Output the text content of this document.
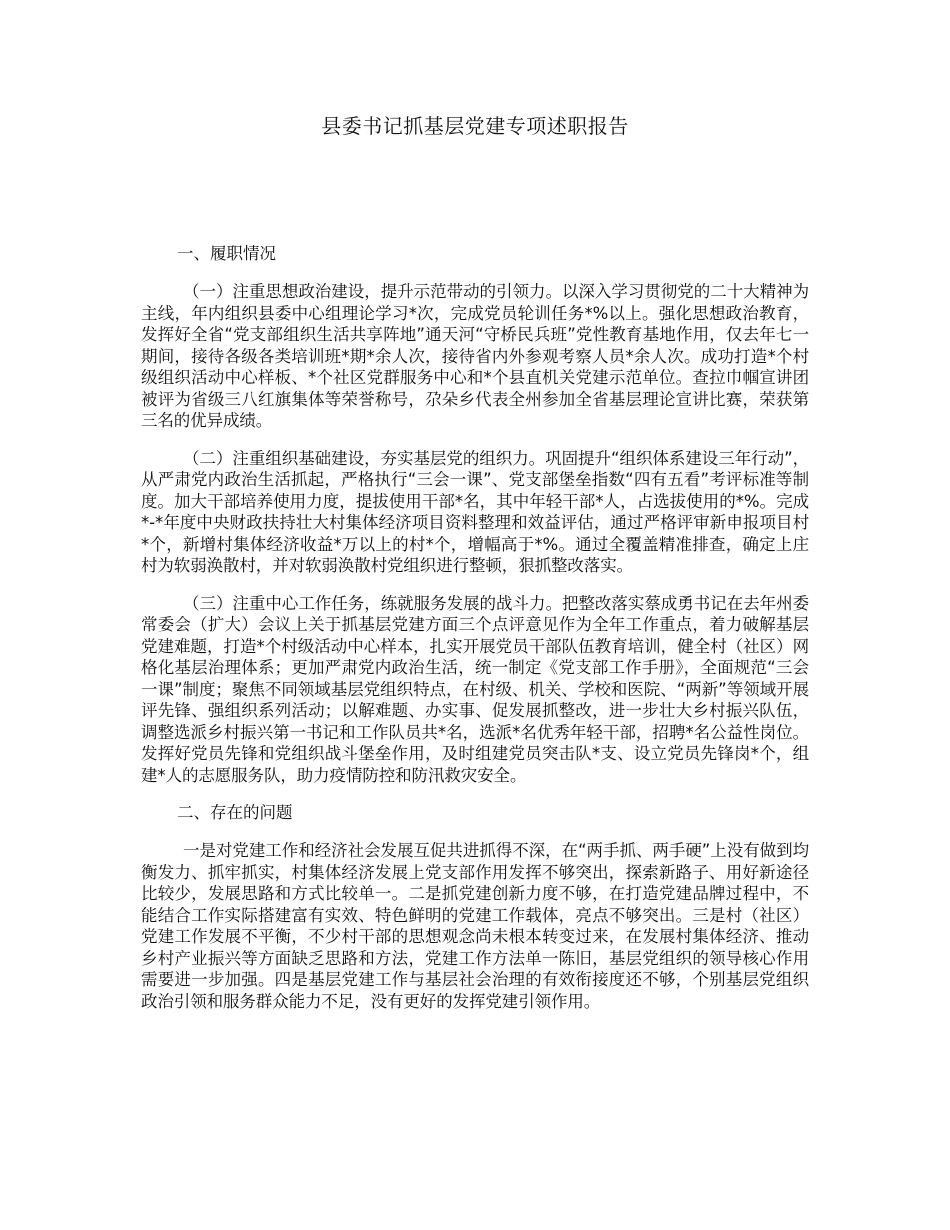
县委书记抓基层党建专项述职报告
一、履职情况

（一）注重思想政治建设，提升示范带动的引领力。以深入学习贯彻党的二十大精神为主线，年内组织县委中心组理论学习*次，完成党员轮训任务*%以上。强化思想政治教育，发挥好全省“党支部组织生活共享阵地”通天河“守桥民兵班”党性教育基地作用，仅去年七一期间，接待各级各类培训班*期*余人次，接待省内外参观考察人员*余人次。成功打造*个村级组织活动中心样板、*个社区党群服务中心和*个县直机关党建示范单位。查拉巾帼宣讲团被评为省级三八红旗集体等荣誉称号，尕朵乡代表全州参加全省基层理论宣讲比赛，荣获第三名的优异成绩。

（二）注重组织基础建设，夯实基层党的组织力。巩固提升“组织体系建设三年行动”，从严肃党内政治生活抓起，严格执行“三会一课”、党支部堡垒指数“四有五看”考评标准等制度。加大干部培养使用力度，提拔使用干部*名，其中年轻干部*人，占选拔使用的*%。完成*-*年度中央财政扶持壮大村集体经济项目资料整理和效益评估，通过严格评审新申报项目村*个，新增村集体经济收益*万以上的村*个，增幅高于*%。通过全覆盖精准排查，确定上庄村为软弱涣散村，并对软弱涣散村党组织进行整顿，狠抓整改落实。

（三）注重中心工作任务，练就服务发展的战斗力。把整改落实蔡成勇书记在去年州委常委会（扩大）会议上关于抓基层党建方面三个点评意见作为全年工作重点，着力破解基层党建难题，打造*个村级活动中心样本，扎实开展党员干部队伍教育培训，健全村（社区）网格化基层治理体系；更加严肃党内政治生活，统一制定《党支部工作手册》，全面规范“三会一课”制度；聚焦不同领域基层党组织特点，在村级、机关、学校和医院、“两新”等领域开展评先锋、强组织系列活动；以解难题、办实事、促发展抓整改，进一步壮大乡村振兴队伍，调整选派乡村振兴第一书记和工作队员共*名，选派*名优秀年轻干部，招聘*名公益性岗位。发挥好党员先锋和党组织战斗堡垒作用，及时组建党员突击队*支、设立党员先锋岗*个，组建*人的志愿服务队，助力疫情防控和防汛救灾安全。

二、存在的问题

一是对党建工作和经济社会发展互促共进抓得不深，在“两手抓、两手硬”上没有做到均衡发力、抓牢抓实，村集体经济发展上党支部作用发挥不够突出，探索新路子、用好新途径比较少，发展思路和方式比较单一。二是抓党建创新力度不够，在打造党建品牌过程中，不能结合工作实际搭建富有实效、特色鲜明的党建工作载体，亮点不够突出。三是村（社区）党建工作发展不平衡，不少村干部的思想观念尚未根本转变过来，在发展村集体经济、推动乡村产业振兴等方面缺乏思路和方法，党建工作方法单一陈旧，基层党组织的领导核心作用需要进一步加强。四是基层党建工作与基层社会治理的有效衔接度还不够，个别基层党组织政治引领和服务群众能力不足，没有更好的发挥党建引领作用。
